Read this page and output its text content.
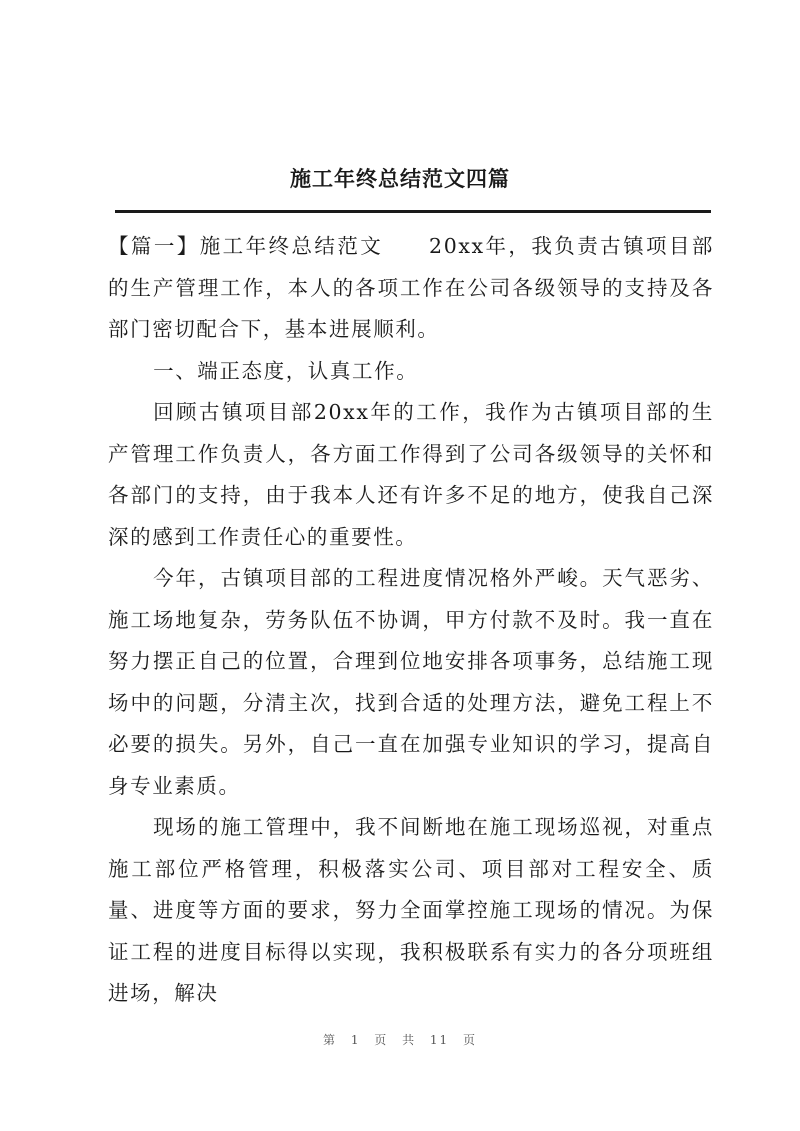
施工年终总结范文四篇

【篇一】施工年终总结范文　　20xx年，我负责古镇项目部的生产管理工作，本人的各项工作在公司各级领导的支持及各部门密切配合下，基本进展顺利。

一、端正态度，认真工作。

回顾古镇项目部20xx年的工作，我作为古镇项目部的生产管理工作负责人，各方面工作得到了公司各级领导的关怀和各部门的支持，由于我本人还有许多不足的地方，使我自己深深的感到工作责任心的重要性。

今年，古镇项目部的工程进度情况格外严峻。天气恶劣、施工场地复杂，劳务队伍不协调，甲方付款不及时。我一直在努力摆正自己的位置，合理到位地安排各项事务，总结施工现场中的问题，分清主次，找到合适的处理方法，避免工程上不必要的损失。另外，自己一直在加强专业知识的学习，提高自身专业素质。

现场的施工管理中，我不间断地在施工现场巡视，对重点施工部位严格管理，积极落实公司、项目部对工程安全、质量、进度等方面的要求，努力全面掌控施工现场的情况。为保证工程的进度目标得以实现，我积极联系有实力的各分项班组进场，解决

第 1 页 共 11 页
